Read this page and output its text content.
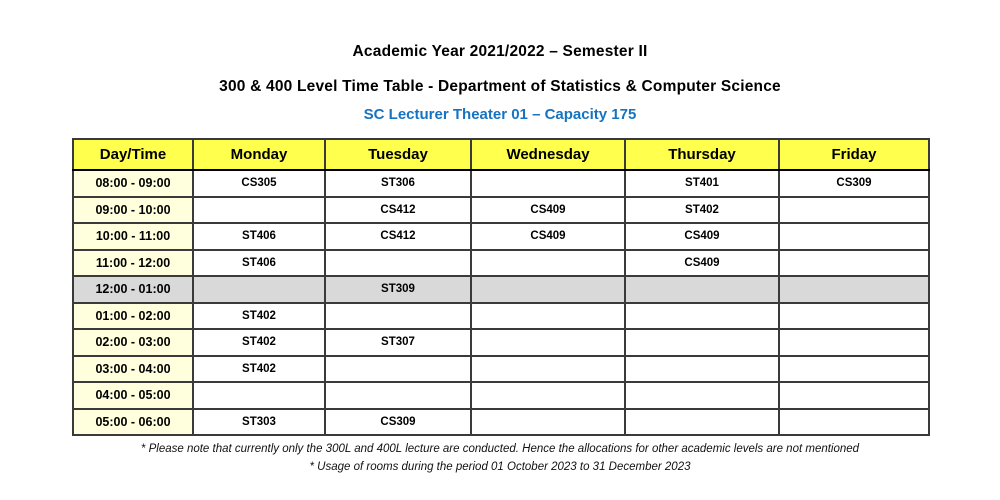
Academic Year 2021/2022 – Semester II
300 & 400 Level Time Table - Department of Statistics & Computer Science
SC Lecturer Theater 01 – Capacity 175
Day/Time	Monday	Tuesday	Wednesday	Thursday	Friday
08:00 - 09:00	CS305	ST306		ST401	CS309
09:00 - 10:00		CS412	CS409	ST402	
10:00 - 11:00	ST406	CS412	CS409	CS409	
11:00 - 12:00	ST406			CS409	
12:00 - 01:00		ST309			
01:00 - 02:00	ST402				
02:00 - 03:00	ST402	ST307			
03:00 - 04:00	ST402				
04:00 - 05:00					
05:00 - 06:00	ST303	CS309			
* Please note that currently only the 300L and 400L lecture are conducted. Hence the allocations for other academic levels are not mentioned
* Usage of rooms during the period 01 October 2023 to 31 December 2023
